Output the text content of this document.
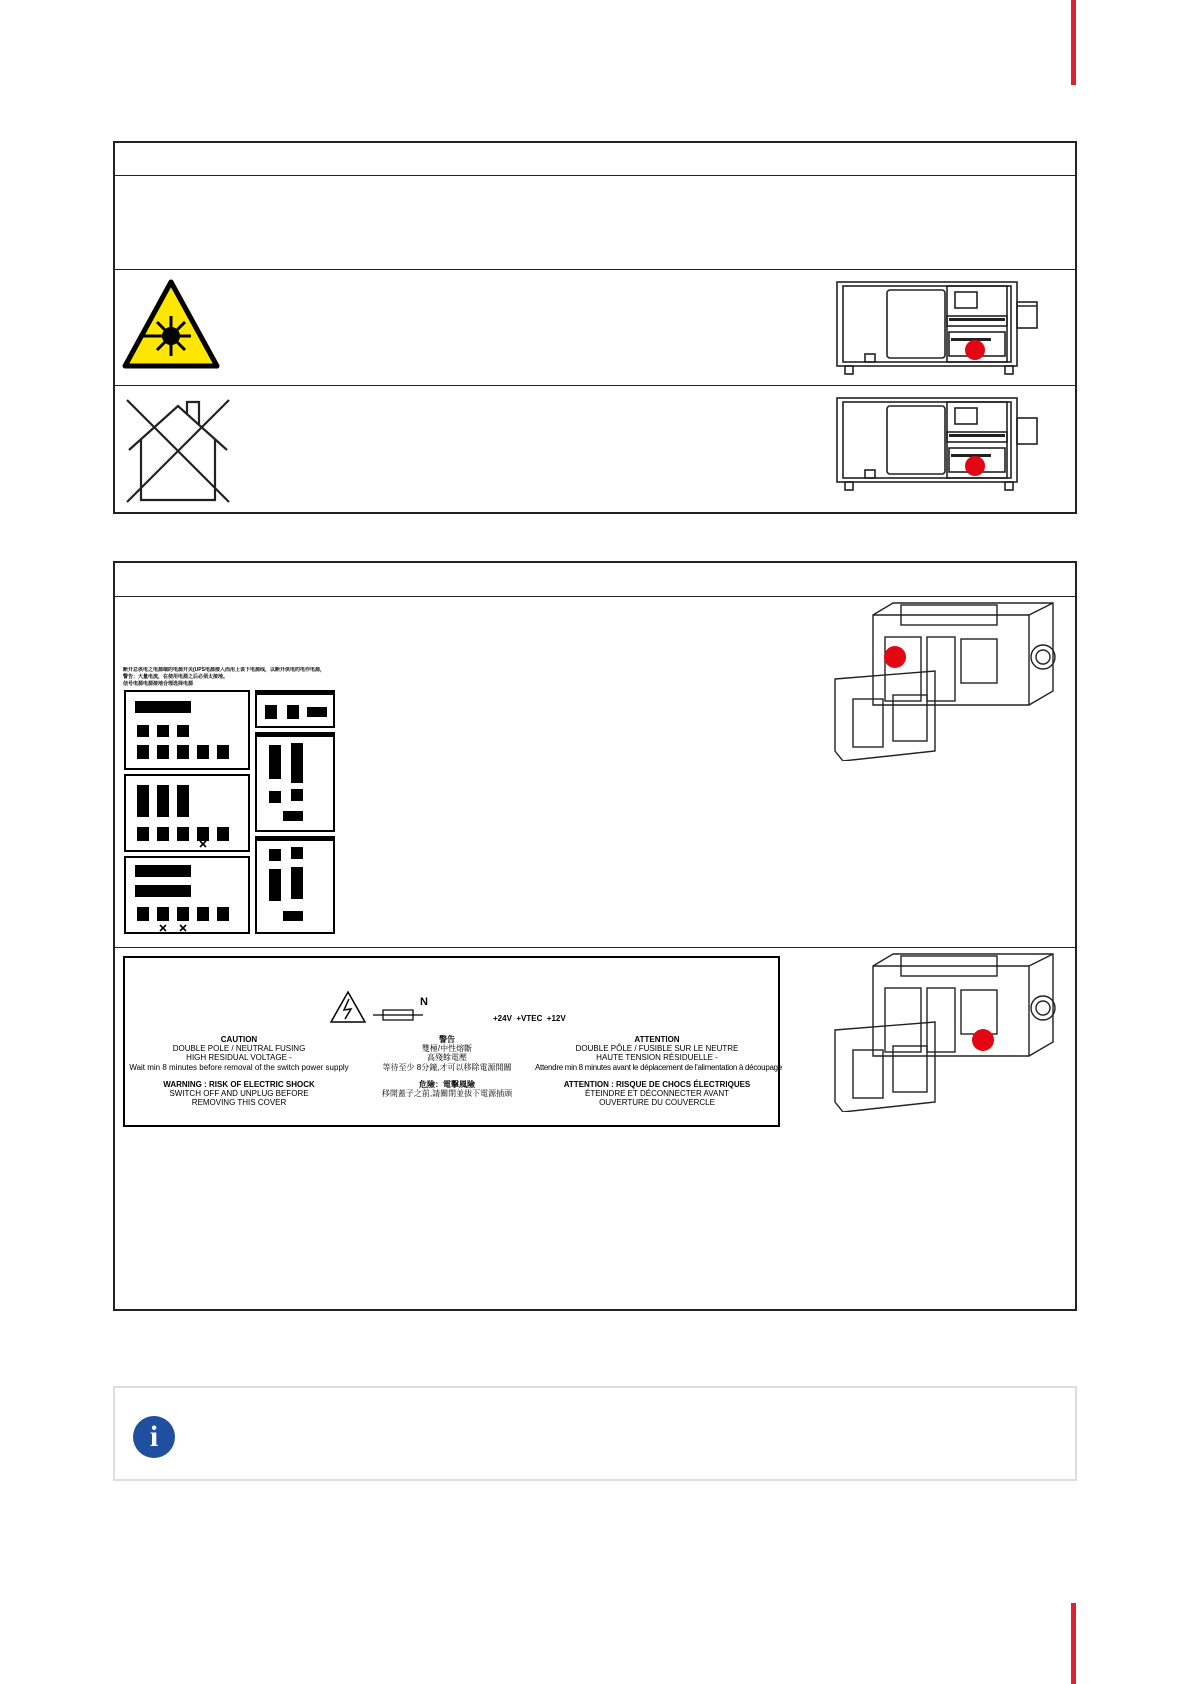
断开总供电之电源端的电源开关(UPS电源接入而用上该下电源线，以断开供电的电作电源，
警告：大量电流，在使用电源之后必须太接地。
信号电源电源接地合理选择电源
N
+24V  +VTEC  +12V
CAUTION
DOUBLE POLE / NEUTRAL FUSING
HIGH RESIDUAL VOLTAGE -
Wait min 8 minutes before removal of the switch power supply
WARNING : RISK OF ELECTRIC SHOCK
SWITCH OFF AND UNPLUG BEFORE
REMOVING THIS COVER
警告
雙極/中性熔斷
高殘餘電壓
等待至少 8分鐘,才可以移除電源開關
危險：電擊風險
移開蓋子之前,請關閉並拔下電源插頭
ATTENTION
DOUBLE PÔLE / FUSIBLE SUR LE NEUTRE
HAUTE TENSION RÉSIDUELLE -
Attendre min 8 minutes avant le déplacement de l'alimentation à découpage
ATTENTION : RISQUE DE CHOCS ÉLECTRIQUES
ÉTEINDRE ET DÉCONNECTER AVANT
OUVERTURE DU COUVERCLE
i
